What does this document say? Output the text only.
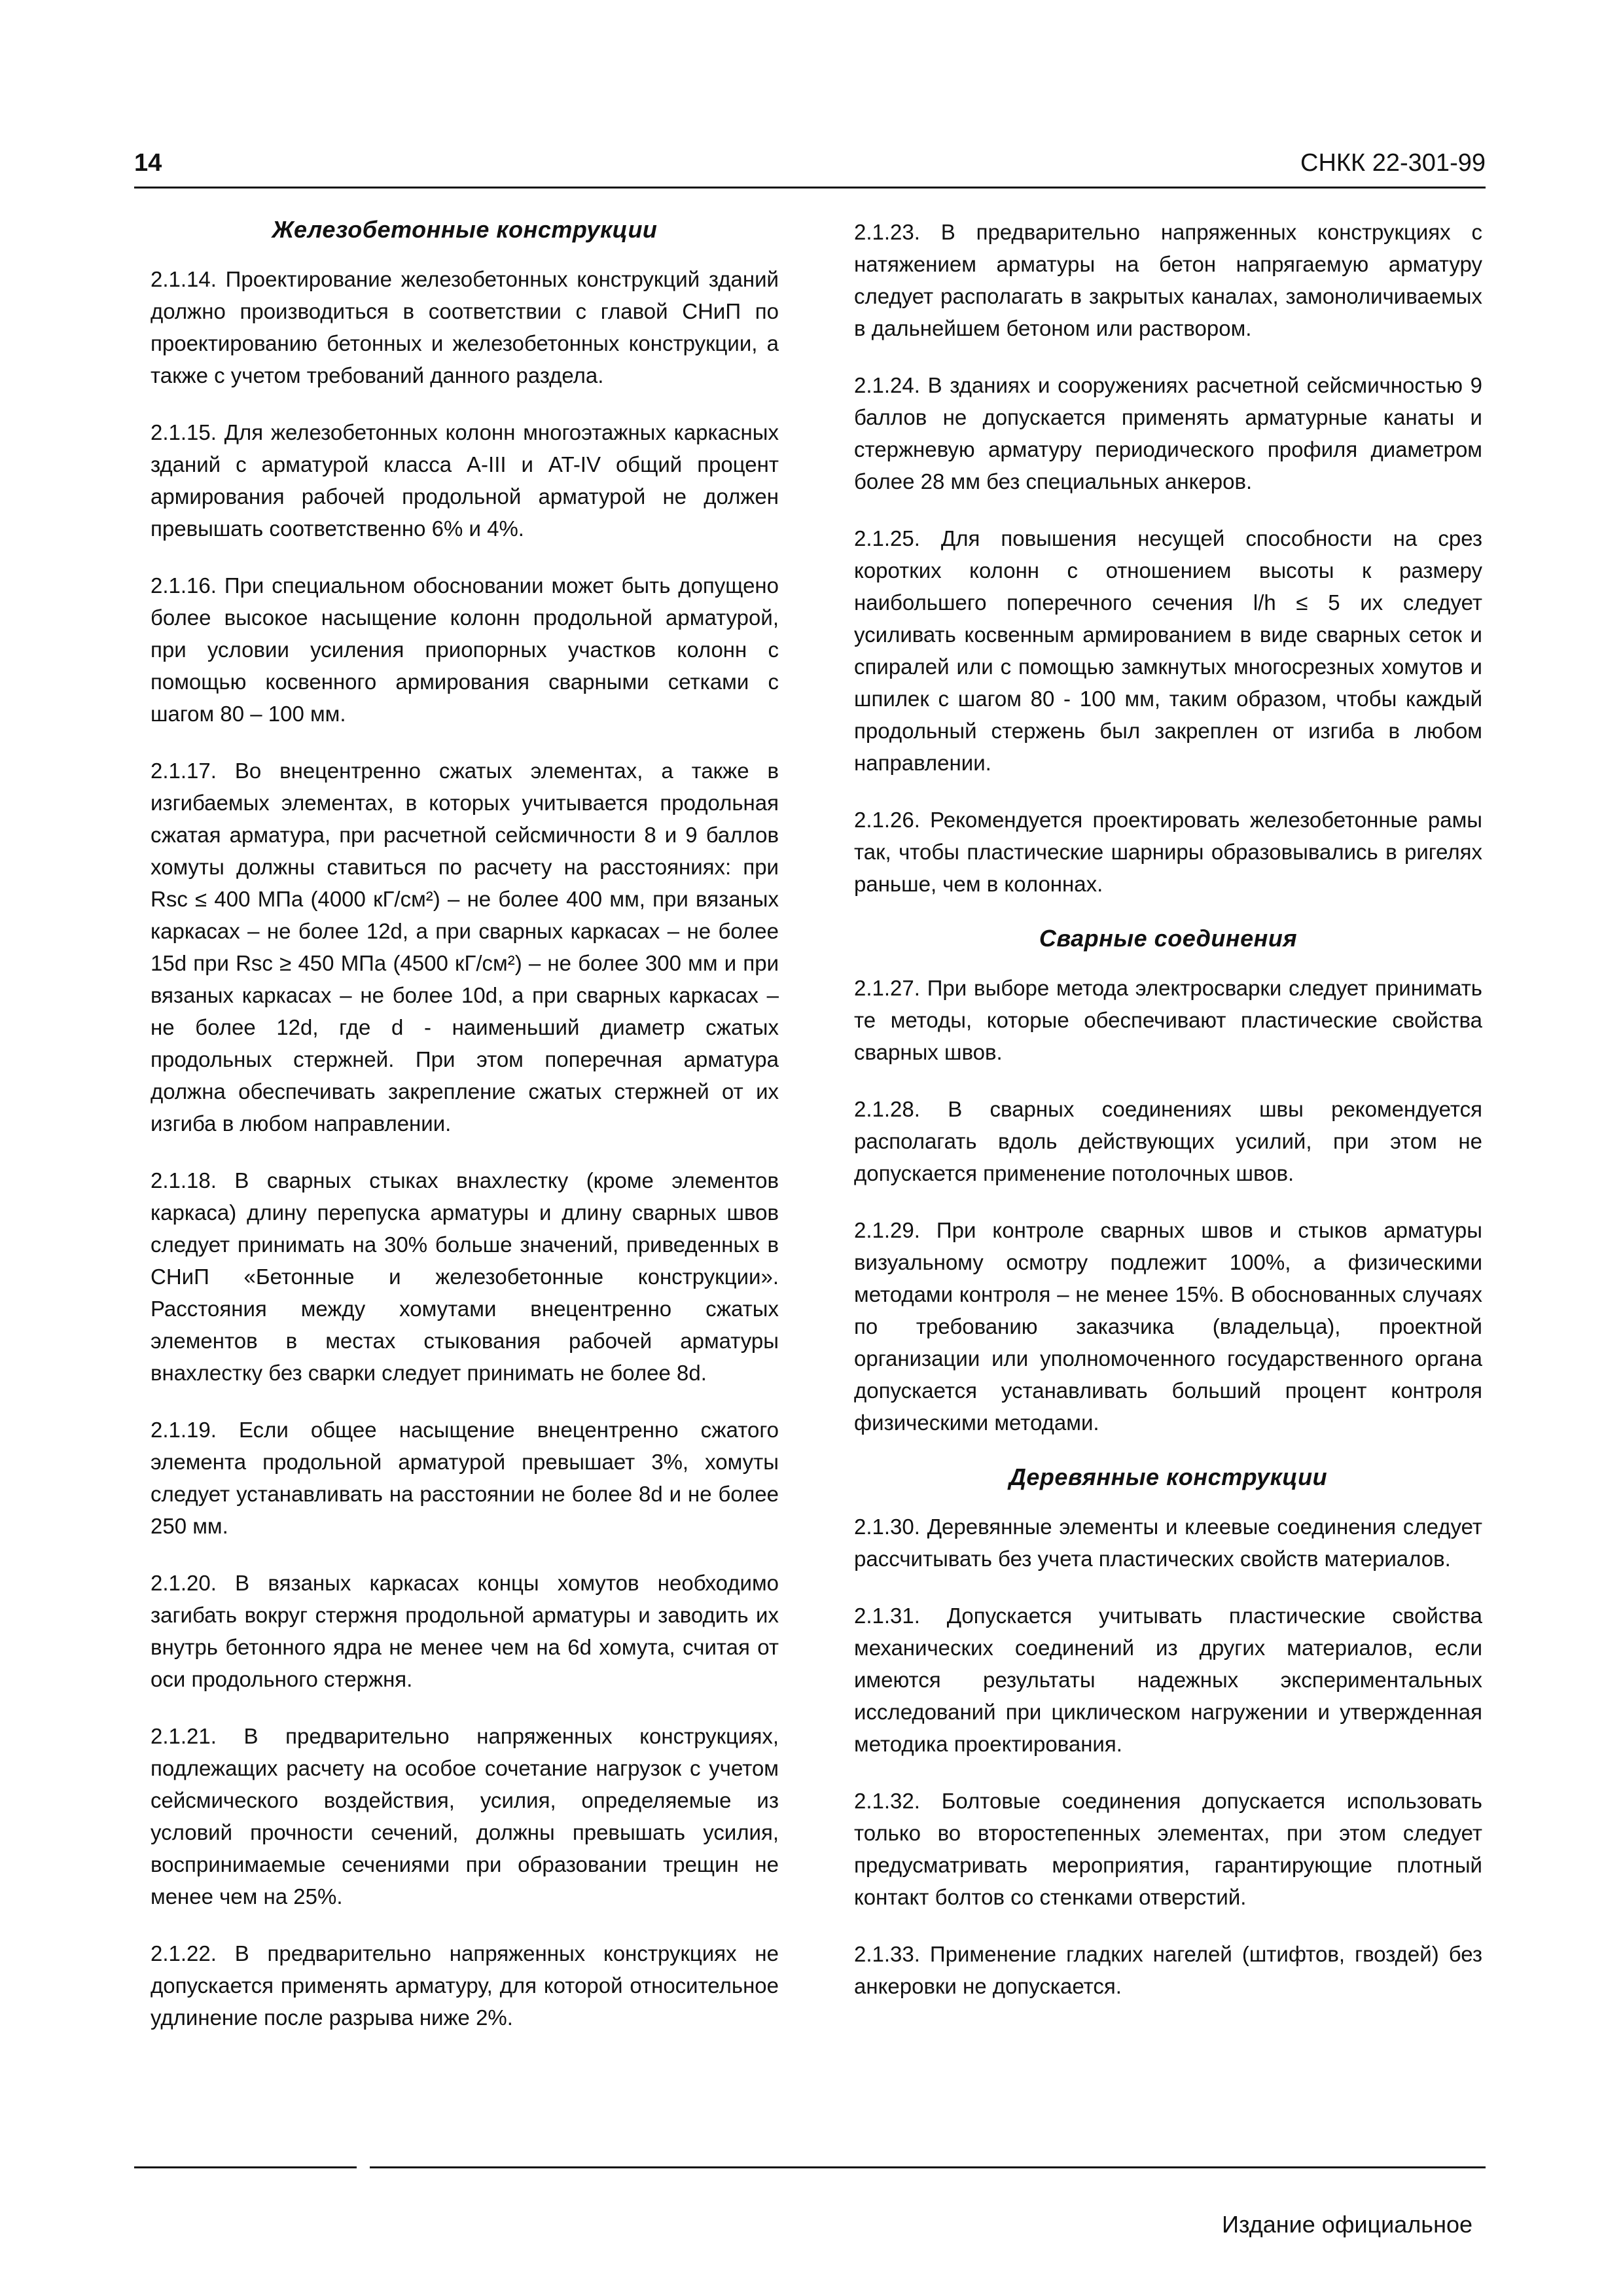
14	СНКК 22-301-99
Железобетонные конструкции

2.1.14. Проектирование железобетонных конструкций зданий должно производиться в соответствии с главой СНиП по проектированию бетонных и железобетонных конструкции, а также с учетом требований данного раздела.

2.1.15. Для железобетонных колонн многоэтажных каркасных зданий с арматурой класса A-III и AT-IV общий процент армирования рабочей продольной арматурой не должен превышать соответственно 6% и 4%.

2.1.16. При специальном обосновании может быть допущено более высокое насыщение колонн продольной арматурой, при условии усиления приопорных участков колонн с помощью косвенного армирования сварными сетками с шагом 80 – 100 мм.

2.1.17. Во внецентренно сжатых элементах, а также в изгибаемых элементах, в которых учитывается продольная сжатая арматура, при расчетной сейсмичности 8 и 9 баллов хомуты должны ставиться по расчету на расстояниях: при Rsc ≤ 400 МПа (4000 кГ/см²) – не более 400 мм, при вязаных каркасах – не более 12d, а при сварных каркасах – не более 15d при Rsc ≥ 450 МПа (4500 кГ/см²) – не более 300 мм и при вязаных каркасах – не более 10d, а при сварных каркасах – не более 12d, где d - наименьший диаметр сжатых продольных стержней. При этом поперечная арматура должна обеспечивать закрепление сжатых стержней от их изгиба в любом направлении.

2.1.18. В сварных стыках внахлестку (кроме элементов каркаса) длину перепуска арматуры и длину сварных швов следует принимать на 30% больше значений, приведенных в СНиП «Бетонные и железобетонные конструкции». Расстояния между хомутами внецентренно сжатых элементов в местах стыкования рабочей арматуры внахлестку без сварки следует принимать не более 8d.

2.1.19. Если общее насыщение внецентренно сжатого элемента продольной арматурой превышает 3%, хомуты следует устанавливать на расстоянии не более 8d и не более 250 мм.

2.1.20. В вязаных каркасах концы хомутов необходимо загибать вокруг стержня продольной арматуры и заводить их внутрь бетонного ядра не менее чем на 6d хомута, считая от оси продольного стержня.

2.1.21. В предварительно напряженных конструкциях, подлежащих расчету на особое сочетание нагрузок с учетом сейсмического воздействия, усилия, определяемые из условий прочности сечений, должны превышать усилия, воспринимаемые сечениями при образовании трещин не менее чем на 25%.

2.1.22. В предварительно напряженных конструкциях не допускается применять арматуру, для которой относительное удлинение после разрыва ниже 2%.

2.1.23. В предварительно напряженных конструкциях с натяжением арматуры на бетон напрягаемую арматуру следует располагать в закрытых каналах, замоноличиваемых в дальнейшем бетоном или раствором.

2.1.24. В зданиях и сооружениях расчетной сейсмичностью 9 баллов не допускается применять арматурные канаты и стержневую арматуру периодического профиля диаметром более 28 мм без специальных анкеров.

2.1.25. Для повышения несущей способности на срез коротких колонн с отношением высоты к размеру наибольшего поперечного сечения l/h ≤ 5 их следует усиливать косвенным армированием в виде сварных сеток и спиралей или с помощью замкнутых многосрезных хомутов и шпилек с шагом 80 - 100 мм, таким образом, чтобы каждый продольный стержень был закреплен от изгиба в любом направлении.

2.1.26. Рекомендуется проектировать железобетонные рамы так, чтобы пластические шарниры образовывались в ригелях раньше, чем в колоннах.

Сварные соединения

2.1.27. При выборе метода электросварки следует принимать те методы, которые обеспечивают пластические свойства сварных швов.

2.1.28. В сварных соединениях швы рекомендуется располагать вдоль действующих усилий, при этом не допускается применение потолочных швов.

2.1.29. При контроле сварных швов и стыков арматуры визуальному осмотру подлежит 100%, а физическими методами контроля – не менее 15%. В обоснованных случаях по требованию заказчика (владельца), проектной организации или уполномоченного государственного органа допускается устанавливать больший процент контроля физическими методами.

Деревянные конструкции

2.1.30. Деревянные элементы и клеевые соединения следует рассчитывать без учета пластических свойств материалов.

2.1.31. Допускается учитывать пластические свойства механических соединений из других материалов, если имеются результаты надежных экспериментальных исследований при циклическом нагружении и утвержденная методика проектирования.

2.1.32. Болтовые соединения допускается использовать только во второстепенных элементах, при этом следует предусматривать мероприятия, гарантирующие плотный контакт болтов со стенками отверстий.

2.1.33. Применение гладких нагелей (штифтов, гвоздей) без анкеровки не допускается.

Издание официальное
